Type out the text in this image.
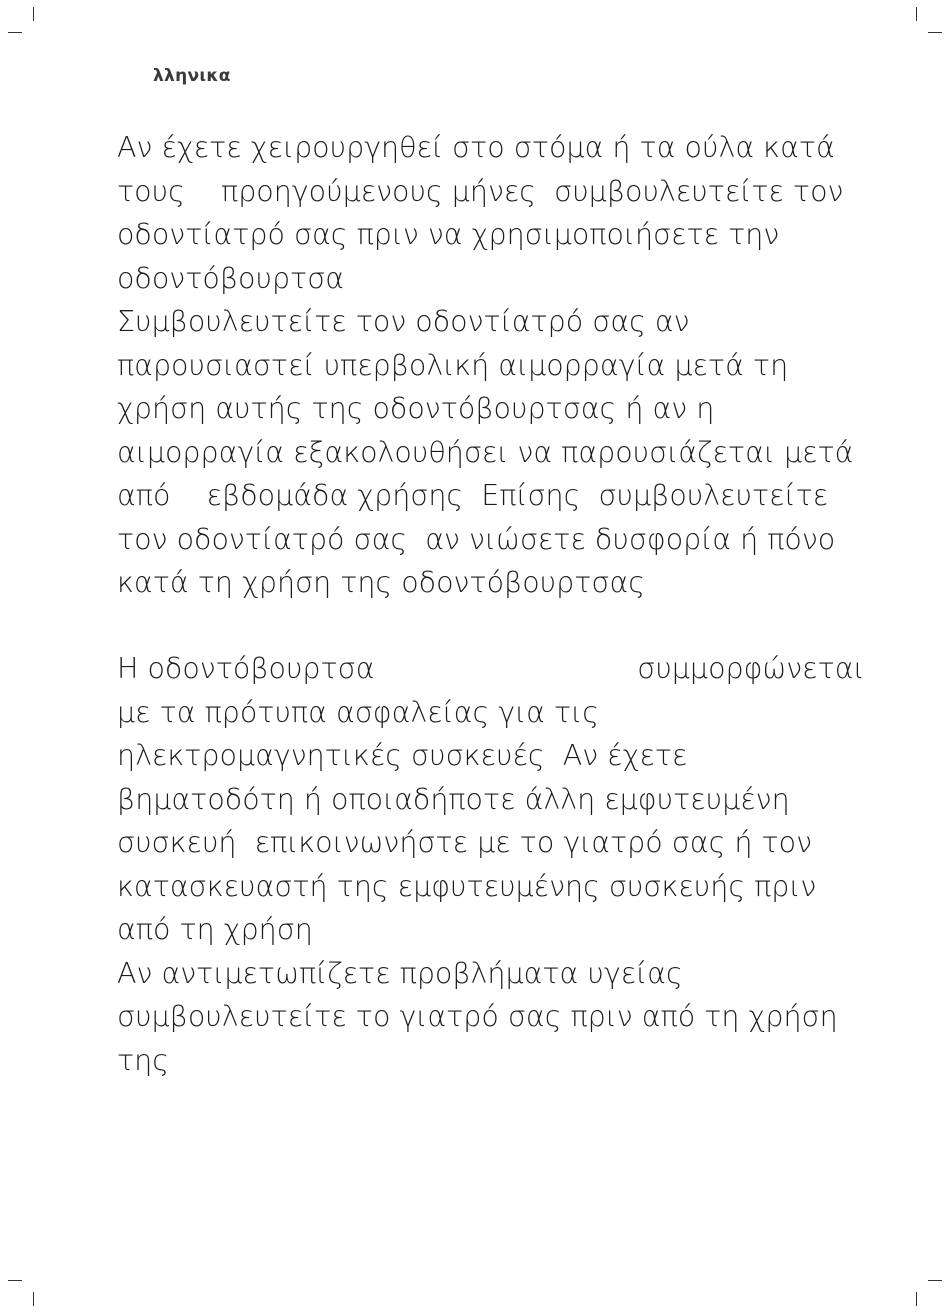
λληνικα
Αν έχετε χειρουργηθεί στο στόμα ή τα ούλα κατά
τους    προηγούμενους μήνες  συμβουλευτείτε τον
οδοντίατρό σας πριν να χρησιμοποιήσετε την
οδοντόβουρτσα
Συμβουλευτείτε τον οδοντίατρό σας αν
παρουσιαστεί υπερβολική αιμορραγία μετά τη
χρήση αυτής της οδοντόβουρτσας ή αν η
αιμορραγία εξακολουθήσει να παρουσιάζεται μετά
από    εβδομάδα χρήσης  Επίσης  συμβουλευτείτε
τον οδοντίατρό σας  αν νιώσετε δυσφορία ή πόνο
κατά τη χρήση της οδοντόβουρτσας
Η οδοντόβουρτσα                             συμμορφώνεται
με τα πρότυπα ασφαλείας για τις
ηλεκτρομαγνητικές συσκευές  Αν έχετε
βηματοδότη ή οποιαδήποτε άλλη εμφυτευμένη
συσκευή  επικοινωνήστε με το γιατρό σας ή τον
κατασκευαστή της εμφυτευμένης συσκευής πριν
από τη χρήση
Αν αντιμετωπίζετε προβλήματα υγείας
συμβουλευτείτε το γιατρό σας πριν από τη χρήση
της
